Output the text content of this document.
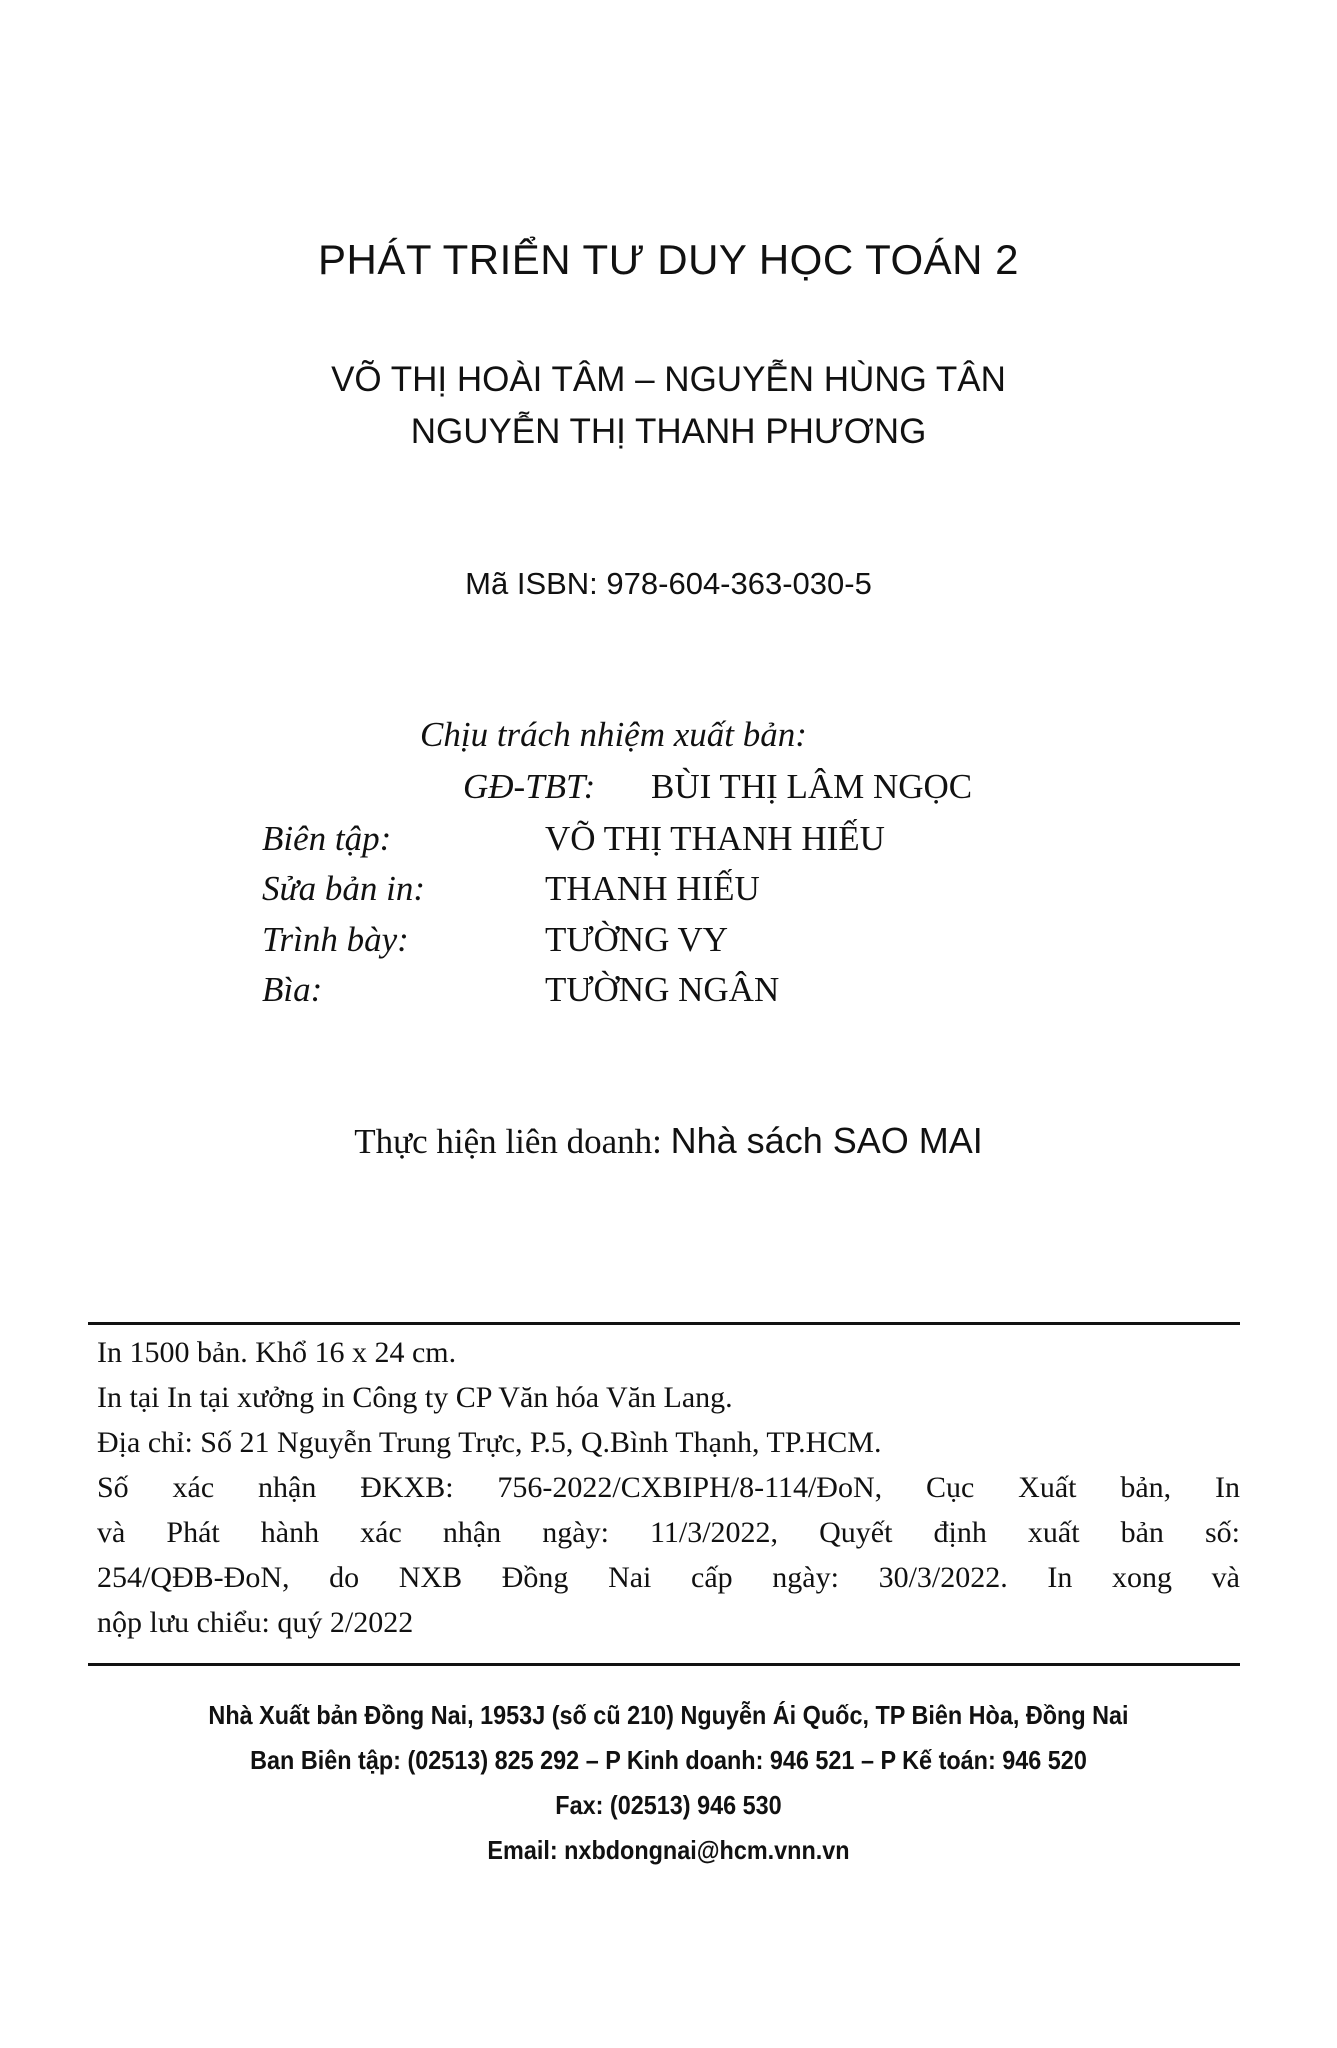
PHÁT TRIỂN TƯ DUY HỌC TOÁN 2
VÕ THỊ HOÀI TÂM – NGUYỄN HÙNG TÂN
NGUYỄN THỊ THANH PHƯƠNG
Mã ISBN: 978-604-363-030-5
Chịu trách nhiệm xuất bản:
GĐ-TBT: BÙI THỊ LÂM NGỌC
Biên tập:	VÕ THỊ THANH HIẾU
Sửa bản in:	THANH HIẾU
Trình bày:	TƯỜNG VY
Bìa:	TƯỜNG NGÂN
Thực hiện liên doanh: Nhà sách SAO MAI
In 1500 bản. Khổ 16 x 24 cm.
In tại In tại xưởng in Công ty CP Văn hóa Văn Lang.
Địa chỉ: Số 21 Nguyễn Trung Trực, P.5, Q.Bình Thạnh, TP.HCM.
Số xác nhận ĐKXB: 756-2022/CXBIPH/8-114/ĐoN, Cục Xuất bản, In
và Phát hành xác nhận ngày: 11/3/2022, Quyết định xuất bản số:
254/QĐB-ĐoN, do NXB Đồng Nai cấp ngày: 30/3/2022. In xong và
nộp lưu chiểu: quý 2/2022
Nhà Xuất bản Đồng Nai, 1953J (số cũ 210) Nguyễn Ái Quốc, TP Biên Hòa, Đồng Nai
Ban Biên tập: (02513) 825 292 – P Kinh doanh: 946 521 – P Kế toán: 946 520
Fax: (02513) 946 530
Email: nxbdongnai@hcm.vnn.vn
